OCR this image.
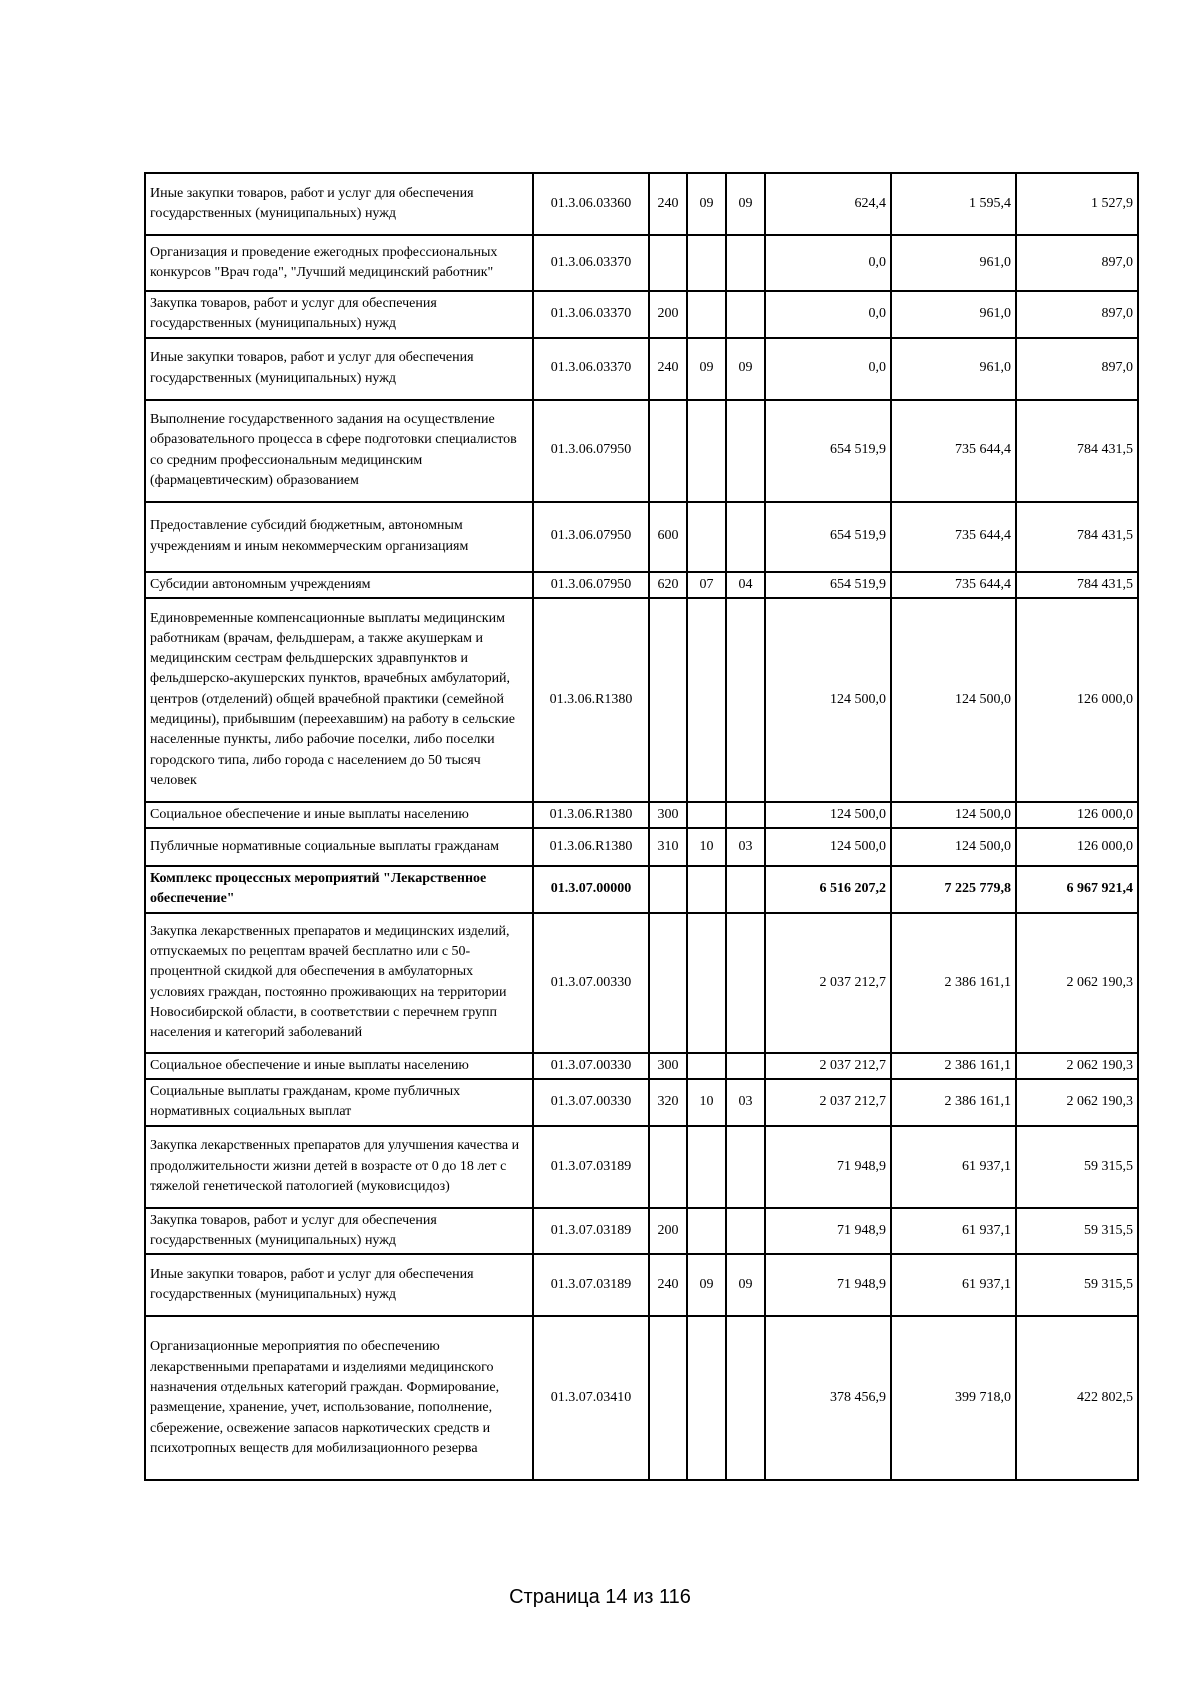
Иные закупки товаров, работ и услуг для обеспечения государственных (муниципальных) нужд	01.3.06.03360	240	09	09	624,4	1 595,4	1 527,9
Организация и проведение ежегодных профессиональных конкурсов "Врач года", "Лучший медицинский работник"	01.3.06.03370				0,0	961,0	897,0
Закупка товаров, работ и услуг для обеспечения государственных (муниципальных) нужд	01.3.06.03370	200			0,0	961,0	897,0
Иные закупки товаров, работ и услуг для обеспечения государственных (муниципальных) нужд	01.3.06.03370	240	09	09	0,0	961,0	897,0
Выполнение государственного задания на осуществление образовательного процесса в сфере подготовки специалистов со средним профессиональным медицинским (фармацевтическим) образованием	01.3.06.07950				654 519,9	735 644,4	784 431,5
Предоставление субсидий бюджетным, автономным учреждениям и иным некоммерческим организациям	01.3.06.07950	600			654 519,9	735 644,4	784 431,5
Субсидии автономным учреждениям	01.3.06.07950	620	07	04	654 519,9	735 644,4	784 431,5
Единовременные компенсационные выплаты медицинским работникам (врачам, фельдшерам, а также акушеркам и медицинским сестрам фельдшерских здравпунктов и фельдшерско-акушерских пунктов, врачебных амбулаторий, центров (отделений) общей врачебной практики (семейной медицины), прибывшим (переехавшим) на работу в сельские населенные пункты, либо рабочие поселки, либо поселки городского типа, либо города с населением до 50 тысяч человек	01.3.06.R1380				124 500,0	124 500,0	126 000,0
Социальное обеспечение и иные выплаты населению	01.3.06.R1380	300			124 500,0	124 500,0	126 000,0
Публичные нормативные социальные выплаты гражданам	01.3.06.R1380	310	10	03	124 500,0	124 500,0	126 000,0
Комплекс процессных мероприятий "Лекарственное обеспечение"	01.3.07.00000				6 516 207,2	7 225 779,8	6 967 921,4
Закупка лекарственных препаратов и медицинских изделий, отпускаемых по рецептам врачей бесплатно или с 50-процентной скидкой для обеспечения в амбулаторных условиях граждан, постоянно проживающих на территории Новосибирской области, в соответствии с перечнем групп населения и категорий заболеваний	01.3.07.00330				2 037 212,7	2 386 161,1	2 062 190,3
Социальное обеспечение и иные выплаты населению	01.3.07.00330	300			2 037 212,7	2 386 161,1	2 062 190,3
Социальные выплаты гражданам, кроме публичных нормативных социальных выплат	01.3.07.00330	320	10	03	2 037 212,7	2 386 161,1	2 062 190,3
Закупка лекарственных препаратов для улучшения качества и продолжительности жизни детей в возрасте от 0 до 18 лет с тяжелой генетической патологией (муковисцидоз)	01.3.07.03189				71 948,9	61 937,1	59 315,5
Закупка товаров, работ и услуг для обеспечения государственных (муниципальных) нужд	01.3.07.03189	200			71 948,9	61 937,1	59 315,5
Иные закупки товаров, работ и услуг для обеспечения государственных (муниципальных) нужд	01.3.07.03189	240	09	09	71 948,9	61 937,1	59 315,5
Организационные мероприятия по обеспечению лекарственными препаратами и изделиями медицинского назначения отдельных категорий граждан. Формирование, размещение, хранение, учет, использование, пополнение, сбережение, освежение запасов наркотических средств и психотропных веществ для мобилизационного резерва	01.3.07.03410				378 456,9	399 718,0	422 802,5
Страница 14 из 116
